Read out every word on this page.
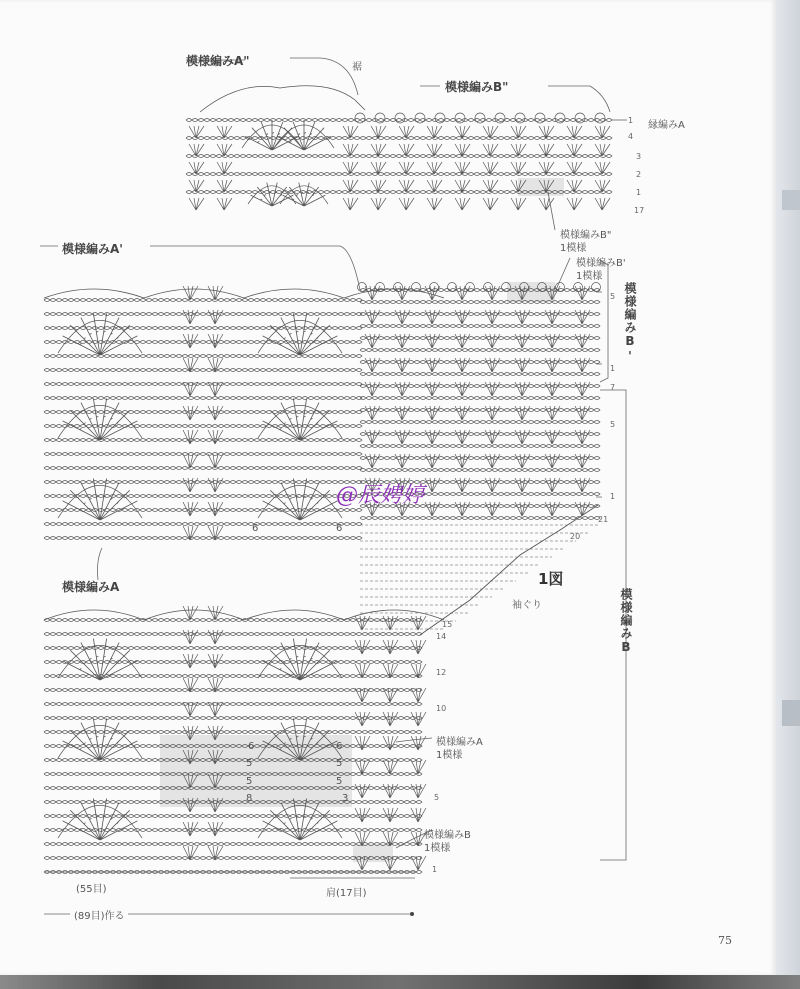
模様編みA"	裾
模様編みB"
縁編みA
模様編みB"
1模様
模様編みA'
模様編みB'
1模様
模様編みB'
模様編みA	1図
袖ぐり	模様編みB
模様編みA
1模様
模様編みB
1模様
(55目)	肩(17目)
(89目)作る
@辰娉婷
75
1
4
3
2
1
17
5
1
7
5
1
21
20
15
14
12
10
5
1
6	6
6
5
5
8
6
5
5
3
